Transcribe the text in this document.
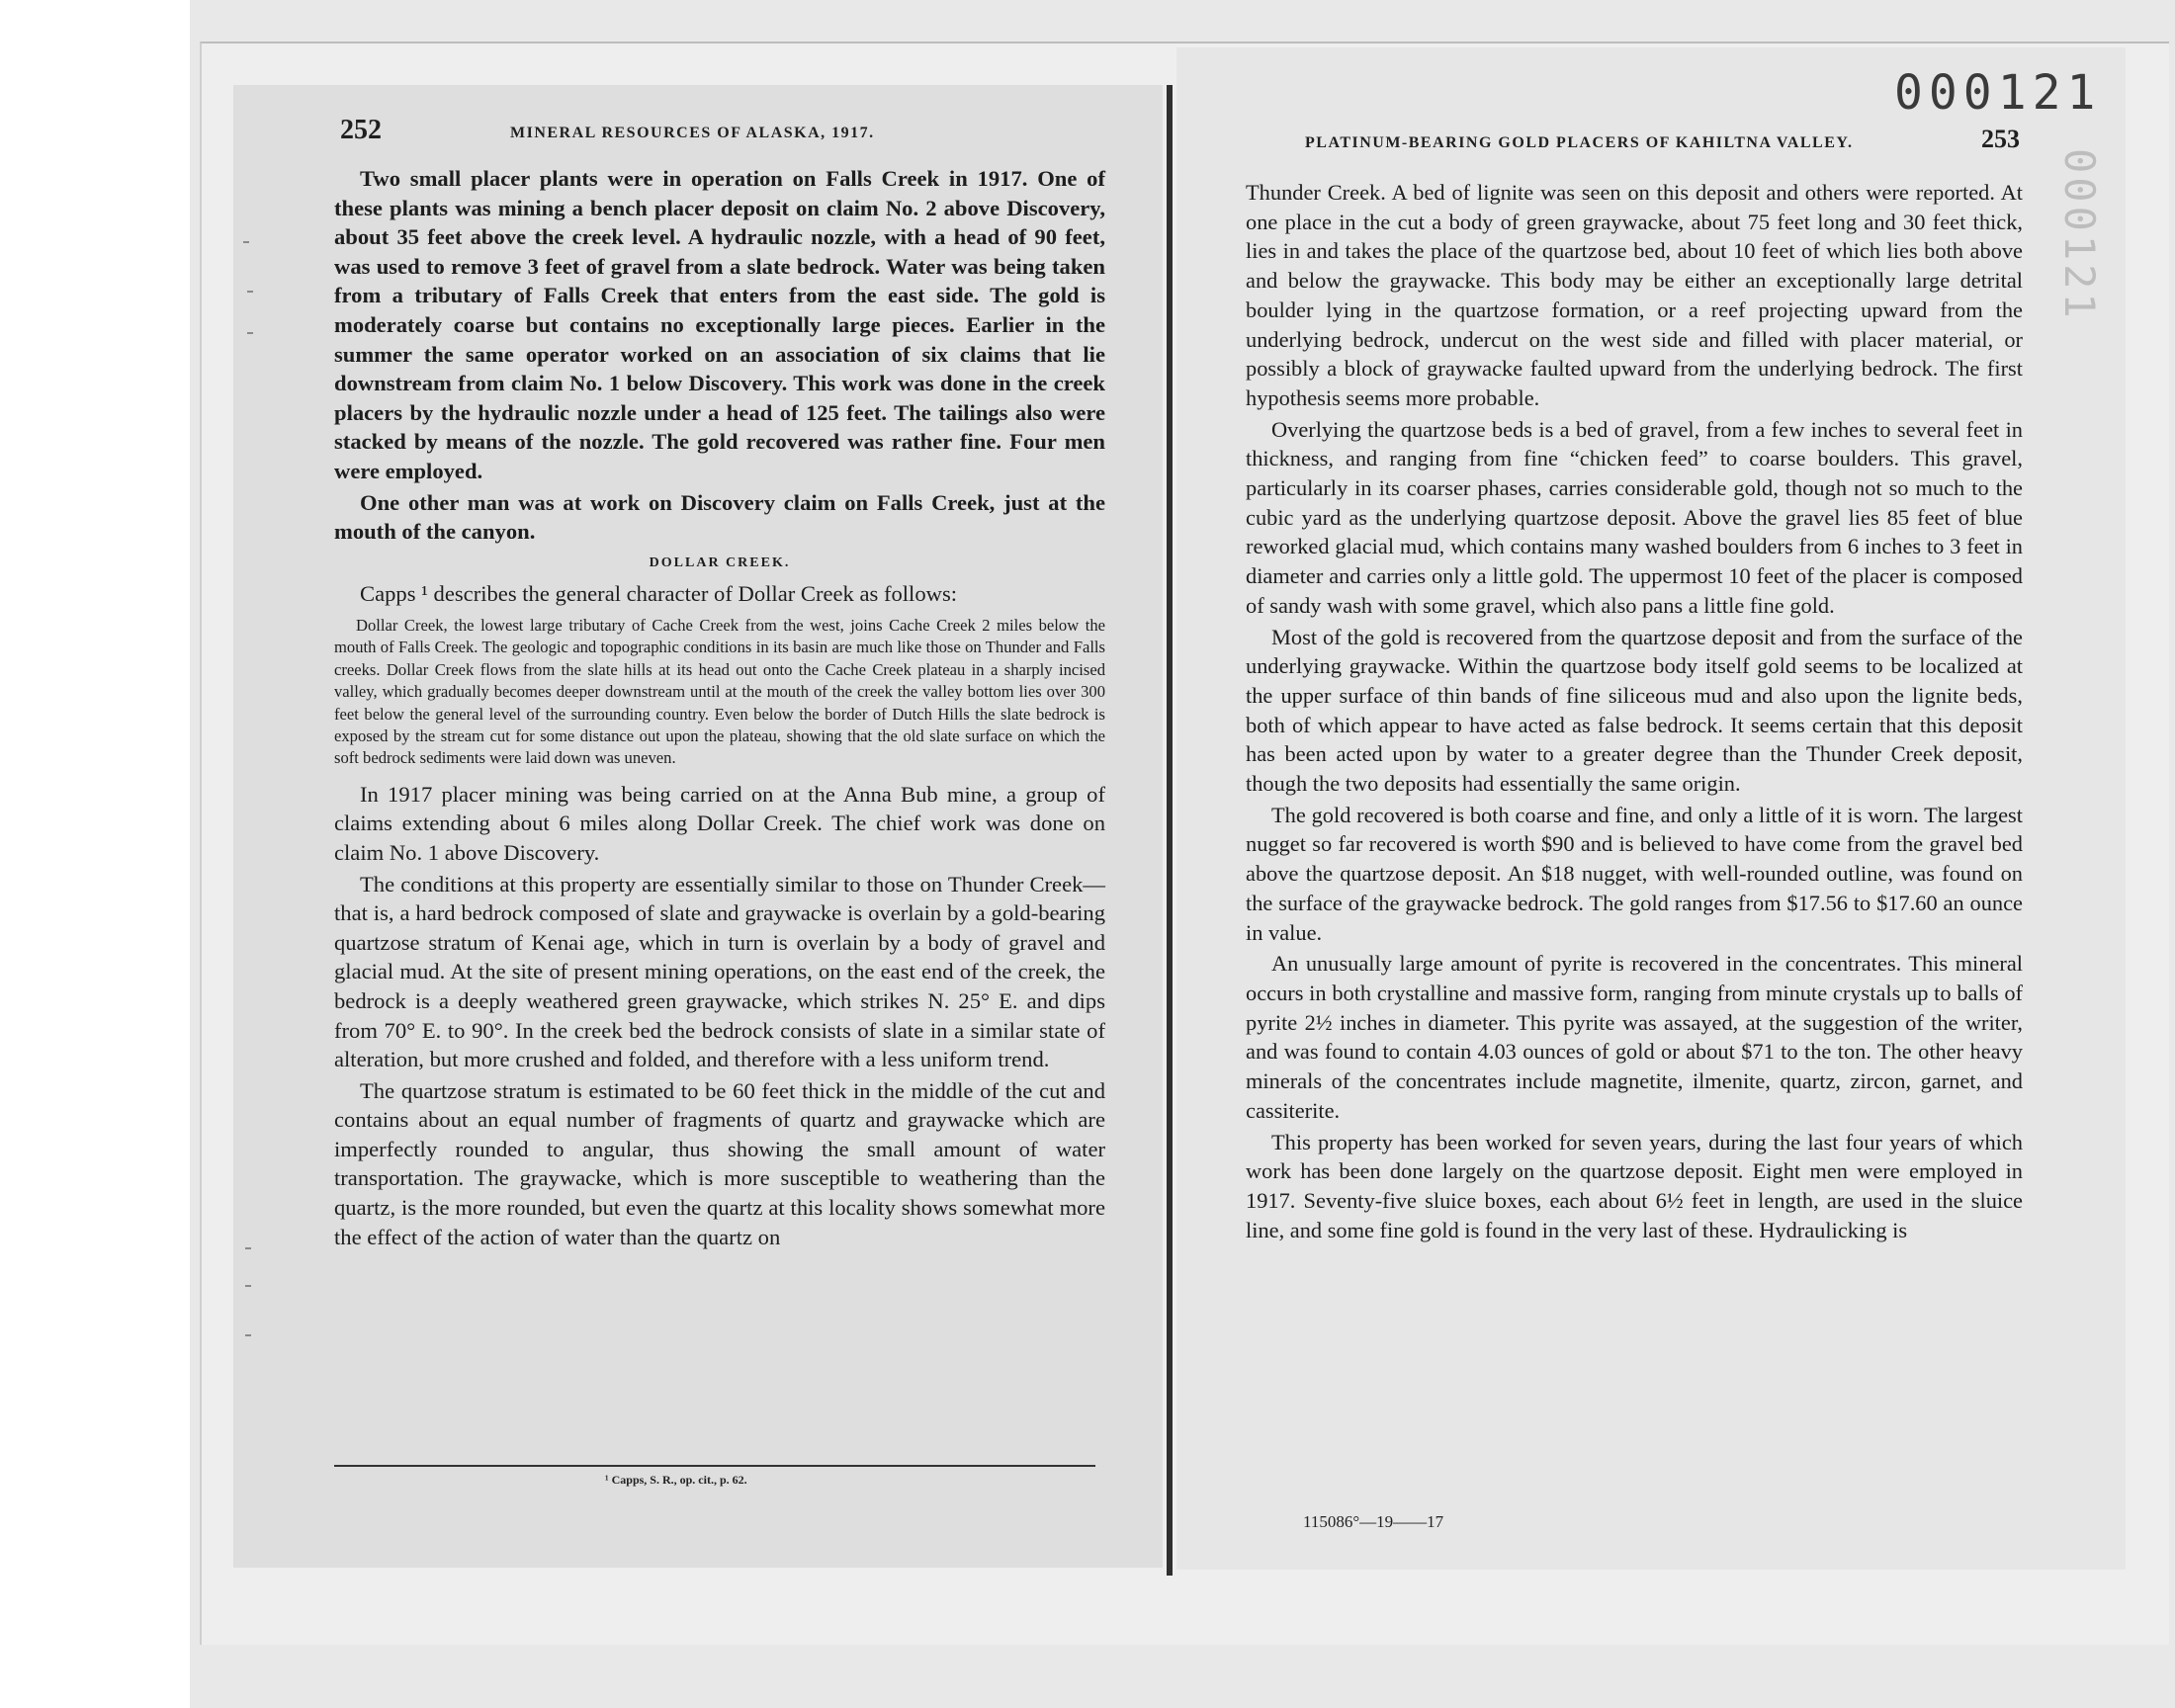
000121
000121
252	MINERAL RESOURCES OF ALASKA, 1917.
PLATINUM-BEARING GOLD PLACERS OF KAHILTNA VALLEY.	253

Two small placer plants were in operation on Falls Creek in 1917. One of these plants was mining a bench placer deposit on claim No. 2 above Discovery, about 35 feet above the creek level. A hydraulic nozzle, with a head of 90 feet, was used to remove 3 feet of gravel from a slate bedrock. Water was being taken from a tributary of Falls Creek that enters from the east side. The gold is moderately coarse but contains no exceptionally large pieces. Earlier in the summer the same operator worked on an association of six claims that lie downstream from claim No. 1 below Discovery. This work was done in the creek placers by the hydraulic nozzle under a head of 125 feet. The tailings also were stacked by means of the nozzle. The gold recovered was rather fine. Four men were employed.

One other man was at work on Discovery claim on Falls Creek, just at the mouth of the canyon.

DOLLAR CREEK.

Capps ¹ describes the general character of Dollar Creek as follows:

Dollar Creek, the lowest large tributary of Cache Creek from the west, joins Cache Creek 2 miles below the mouth of Falls Creek. The geologic and topographic conditions in its basin are much like those on Thunder and Falls creeks. Dollar Creek flows from the slate hills at its head out onto the Cache Creek plateau in a sharply incised valley, which gradually becomes deeper downstream until at the mouth of the creek the valley bottom lies over 300 feet below the general level of the surrounding country. Even below the border of Dutch Hills the slate bedrock is exposed by the stream cut for some distance out upon the plateau, showing that the old slate surface on which the soft bedrock sediments were laid down was uneven.

In 1917 placer mining was being carried on at the Anna Bub mine, a group of claims extending about 6 miles along Dollar Creek. The chief work was done on claim No. 1 above Discovery.

The conditions at this property are essentially similar to those on Thunder Creek—that is, a hard bedrock composed of slate and graywacke is overlain by a gold-bearing quartzose stratum of Kenai age, which in turn is overlain by a body of gravel and glacial mud. At the site of present mining operations, on the east end of the creek, the bedrock is a deeply weathered green graywacke, which strikes N. 25° E. and dips from 70° E. to 90°. In the creek bed the bedrock consists of slate in a similar state of alteration, but more crushed and folded, and therefore with a less uniform trend.

The quartzose stratum is estimated to be 60 feet thick in the middle of the cut and contains about an equal number of fragments of quartz and graywacke which are imperfectly rounded to angular, thus showing the small amount of water transportation. The graywacke, which is more susceptible to weathering than the quartz, is the more rounded, but even the quartz at this locality shows somewhat more the effect of the action of water than the quartz on

¹ Capps, S. R., op. cit., p. 62.

Thunder Creek. A bed of lignite was seen on this deposit and others were reported. At one place in the cut a body of green graywacke, about 75 feet long and 30 feet thick, lies in and takes the place of the quartzose bed, about 10 feet of which lies both above and below the graywacke. This body may be either an exceptionally large detrital boulder lying in the quartzose formation, or a reef projecting upward from the underlying bedrock, undercut on the west side and filled with placer material, or possibly a block of graywacke faulted upward from the underlying bedrock. The first hypothesis seems more probable.

Overlying the quartzose beds is a bed of gravel, from a few inches to several feet in thickness, and ranging from fine “chicken feed” to coarse boulders. This gravel, particularly in its coarser phases, carries considerable gold, though not so much to the cubic yard as the underlying quartzose deposit. Above the gravel lies 85 feet of blue reworked glacial mud, which contains many washed boulders from 6 inches to 3 feet in diameter and carries only a little gold. The uppermost 10 feet of the placer is composed of sandy wash with some gravel, which also pans a little fine gold.

Most of the gold is recovered from the quartzose deposit and from the surface of the underlying graywacke. Within the quartzose body itself gold seems to be localized at the upper surface of thin bands of fine siliceous mud and also upon the lignite beds, both of which appear to have acted as false bedrock. It seems certain that this deposit has been acted upon by water to a greater degree than the Thunder Creek deposit, though the two deposits had essentially the same origin.

The gold recovered is both coarse and fine, and only a little of it is worn. The largest nugget so far recovered is worth $90 and is believed to have come from the gravel bed above the quartzose deposit. An $18 nugget, with well-rounded outline, was found on the surface of the graywacke bedrock. The gold ranges from $17.56 to $17.60 an ounce in value.

An unusually large amount of pyrite is recovered in the concentrates. This mineral occurs in both crystalline and massive form, ranging from minute crystals up to balls of pyrite 2½ inches in diameter. This pyrite was assayed, at the suggestion of the writer, and was found to contain 4.03 ounces of gold or about $71 to the ton. The other heavy minerals of the concentrates include magnetite, ilmenite, quartz, zircon, garnet, and cassiterite.

This property has been worked for seven years, during the last four years of which work has been done largely on the quartzose deposit. Eight men were employed in 1917. Seventy-five sluice boxes, each about 6½ feet in length, are used in the sluice line, and some fine gold is found in the very last of these. Hydraulicking is

115086°—19——17
